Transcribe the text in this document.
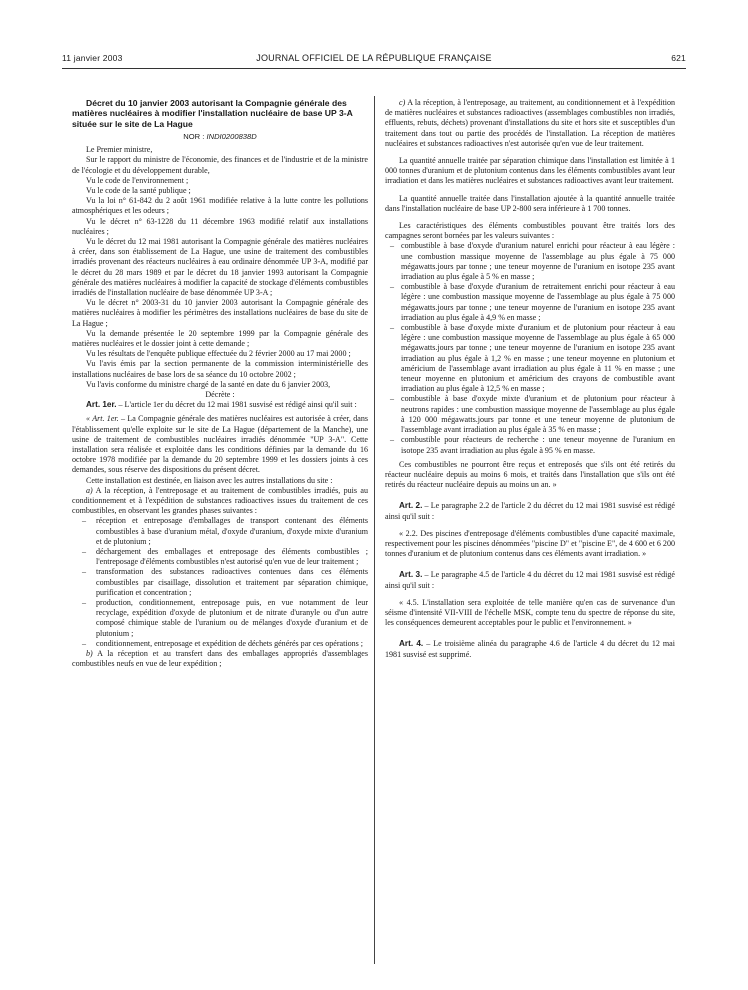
11 janvier 2003	JOURNAL OFFICIEL DE LA RÉPUBLIQUE FRANÇAISE	621

Décret du 10 janvier 2003 autorisant la Compagnie générale des matières nucléaires à modifier l'installation nucléaire de base UP 3-A située sur le site de La Hague

NOR : INDI0200838D

Le Premier ministre,

Sur le rapport du ministre de l'économie, des finances et de l'industrie et de la ministre de l'écologie et du développement durable,

Vu le code de l'environnement ;

Vu le code de la santé publique ;

Vu la loi n° 61-842 du 2 août 1961 modifiée relative à la lutte contre les pollutions atmosphériques et les odeurs ;

Vu le décret n° 63-1228 du 11 décembre 1963 modifié relatif aux installations nucléaires ;

Vu le décret du 12 mai 1981 autorisant la Compagnie générale des matières nucléaires à créer, dans son établissement de La Hague, une usine de traitement des combustibles irradiés provenant des réacteurs nucléaires à eau ordinaire dénommée UP 3-A, modifié par le décret du 28 mars 1989 et par le décret du 18 janvier 1993 autorisant la Compagnie générale des matières nucléaires à modifier la capacité de stockage d'éléments combustibles irradiés de l'installation nucléaire de base dénommée UP 3-A ;

Vu le décret n° 2003-31 du 10 janvier 2003 autorisant la Compagnie générale des matières nucléaires à modifier les périmètres des installations nucléaires de base du site de La Hague ;

Vu la demande présentée le 20 septembre 1999 par la Compagnie générale des matières nucléaires et le dossier joint à cette demande ;

Vu les résultats de l'enquête publique effectuée du 2 février 2000 au 17 mai 2000 ;

Vu l'avis émis par la section permanente de la commission interministérielle des installations nucléaires de base lors de sa séance du 10 octobre 2002 ;

Vu l'avis conforme du ministre chargé de la santé en date du 6 janvier 2003,

Décrète :

Art. 1er. – L'article 1er du décret du 12 mai 1981 susvisé est rédigé ainsi qu'il suit :

« Art. 1er. – La Compagnie générale des matières nucléaires est autorisée à créer, dans l'établissement qu'elle exploite sur le site de La Hague (département de la Manche), une usine de traitement de combustibles nucléaires irradiés dénommée "UP 3-A". Cette installation sera réalisée et exploitée dans les conditions définies par la demande du 16 octobre 1978 modifiée par la demande du 20 septembre 1999 et les dossiers joints à ces demandes, sous réserve des dispositions du présent décret.

Cette installation est destinée, en liaison avec les autres installations du site :

a) A la réception, à l'entreposage et au traitement de combustibles irradiés, puis au conditionnement et à l'expédition de substances radioactives issues du traitement de ces combustibles, en observant les grandes phases suivantes :

– réception et entreposage d'emballages de transport contenant des éléments combustibles à base d'uranium métal, d'oxyde d'uranium, d'oxyde mixte d'uranium et de plutonium ;
– déchargement des emballages et entreposage des éléments combustibles ; l'entreposage d'éléments combustibles n'est autorisé qu'en vue de leur traitement ;
– transformation des substances radioactives contenues dans ces éléments combustibles par cisaillage, dissolution et traitement par séparation chimique, purification et concentration ;
– production, conditionnement, entreposage puis, en vue notamment de leur recyclage, expédition d'oxyde de plutonium et de nitrate d'uranyle ou d'un autre composé chimique stable de l'uranium ou de mélanges d'oxyde d'uranium et de plutonium ;
– conditionnement, entreposage et expédition de déchets générés par ces opérations ;

b) A la réception et au transfert dans des emballages appropriés d'assemblages combustibles neufs en vue de leur expédition ;

c) A la réception, à l'entreposage, au traitement, au conditionnement et à l'expédition de matières nucléaires et substances radioactives (assemblages combustibles non irradiés, effluents, rebuts, déchets) provenant d'installations du site et hors site et susceptibles d'un traitement dans tout ou partie des procédés de l'installation. La réception de matières nucléaires et substances radioactives n'est autorisée qu'en vue de leur traitement.

La quantité annuelle traitée par séparation chimique dans l'installation est limitée à 1 000 tonnes d'uranium et de plutonium contenus dans les éléments combustibles avant leur irradiation et dans les matières nucléaires et substances radioactives avant leur traitement.

La quantité annuelle traitée dans l'installation ajoutée à la quantité annuelle traitée dans l'installation nucléaire de base UP 2-800 sera inférieure à 1 700 tonnes.

Les caractéristiques des éléments combustibles pouvant être traités lors des campagnes seront bornées par les valeurs suivantes :

– combustible à base d'oxyde d'uranium naturel enrichi pour réacteur à eau légère : une combustion massique moyenne de l'assemblage au plus égale à 75 000 mégawatts.jours par tonne ; une teneur moyenne de l'uranium en isotope 235 avant irradiation au plus égale à 5 % en masse ;
– combustible à base d'oxyde d'uranium de retraitement enrichi pour réacteur à eau légère : une combustion massique moyenne de l'assemblage au plus égale à 75 000 mégawatts.jours par tonne ; une teneur moyenne de l'uranium en isotope 235 avant irradiation au plus égale à 4,9 % en masse ;
– combustible à base d'oxyde mixte d'uranium et de plutonium pour réacteur à eau légère : une combustion massique moyenne de l'assemblage au plus égale à 65 000 mégawatts.jours par tonne ; une teneur moyenne de l'uranium en isotope 235 avant irradiation au plus égale à 1,2 % en masse ; une teneur moyenne en plutonium et américium de l'assemblage avant irradiation au plus égale à 11 % en masse ; une teneur moyenne en plutonium et américium des crayons de combustible avant irradiation au plus égale à 12,5 % en masse ;
– combustible à base d'oxyde mixte d'uranium et de plutonium pour réacteur à neutrons rapides : une combustion massique moyenne de l'assemblage au plus égale à 120 000 mégawatts.jours par tonne et une teneur moyenne de plutonium de l'assemblage avant irradiation au plus égale à 35 % en masse ;
– combustible pour réacteurs de recherche : une teneur moyenne de l'uranium en isotope 235 avant irradiation au plus égale à 95 % en masse.

Ces combustibles ne pourront être reçus et entreposés que s'ils ont été retirés du réacteur nucléaire depuis au moins 6 mois, et traités dans l'installation que s'ils ont été retirés du réacteur nucléaire depuis au moins un an. »

Art. 2. – Le paragraphe 2.2 de l'article 2 du décret du 12 mai 1981 susvisé est rédigé ainsi qu'il suit :

« 2.2. Des piscines d'entreposage d'éléments combustibles d'une capacité maximale, respectivement pour les piscines dénommées "piscine D" et "piscine E", de 4 600 et 6 200 tonnes d'uranium et de plutonium contenus dans ces éléments avant irradiation. »

Art. 3. – Le paragraphe 4.5 de l'article 4 du décret du 12 mai 1981 susvisé est rédigé ainsi qu'il suit :

« 4.5. L'installation sera exploitée de telle manière qu'en cas de survenance d'un séisme d'intensité VII-VIII de l'échelle MSK, compte tenu du spectre de réponse du site, les conséquences demeurent acceptables pour le public et l'environnement. »

Art. 4. – Le troisième alinéa du paragraphe 4.6 de l'article 4 du décret du 12 mai 1981 susvisé est supprimé.
